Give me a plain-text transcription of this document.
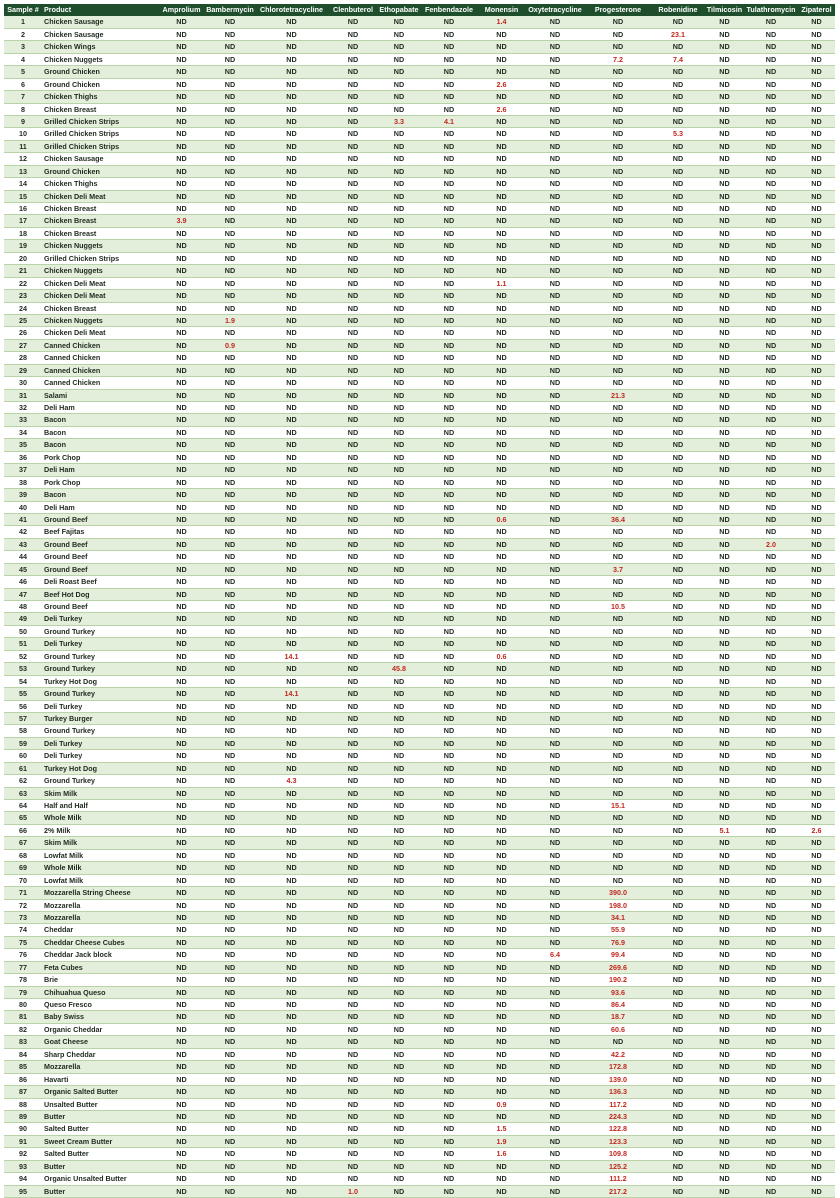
Sample #	Product	Amprolium	Bambermycin	Chlorotetracycline	Clenbuterol	Ethopabate	Fenbendazole	Monensin	Oxytetracycline	Progesterone	Robenidine	Tilmicosin	Tulathromycin	Zipaterol
1	Chicken Sausage	ND	ND	ND	ND	ND	ND	1.4	ND	ND	ND	ND	ND	ND
2	Chicken Sausage	ND	ND	ND	ND	ND	ND	ND	ND	ND	23.1	ND	ND	ND
3	Chicken Wings	ND	ND	ND	ND	ND	ND	ND	ND	ND	ND	ND	ND	ND
4	Chicken Nuggets	ND	ND	ND	ND	ND	ND	ND	ND	7.2	7.4	ND	ND	ND
5	Ground Chicken	ND	ND	ND	ND	ND	ND	ND	ND	ND	ND	ND	ND	ND
6	Ground Chicken	ND	ND	ND	ND	ND	ND	2.6	ND	ND	ND	ND	ND	ND
7	Chicken Thighs	ND	ND	ND	ND	ND	ND	ND	ND	ND	ND	ND	ND	ND
8	Chicken Breast	ND	ND	ND	ND	ND	ND	2.6	ND	ND	ND	ND	ND	ND
9	Grilled Chicken Strips	ND	ND	ND	ND	3.3	4.1	ND	ND	ND	ND	ND	ND	ND
10	Grilled Chicken Strips	ND	ND	ND	ND	ND	ND	ND	ND	ND	5.3	ND	ND	ND
11	Grilled Chicken Strips	ND	ND	ND	ND	ND	ND	ND	ND	ND	ND	ND	ND	ND
12	Chicken Sausage	ND	ND	ND	ND	ND	ND	ND	ND	ND	ND	ND	ND	ND
13	Ground Chicken	ND	ND	ND	ND	ND	ND	ND	ND	ND	ND	ND	ND	ND
14	Chicken Thighs	ND	ND	ND	ND	ND	ND	ND	ND	ND	ND	ND	ND	ND
15	Chicken Deli Meat	ND	ND	ND	ND	ND	ND	ND	ND	ND	ND	ND	ND	ND
16	Chicken Breast	ND	ND	ND	ND	ND	ND	ND	ND	ND	ND	ND	ND	ND
17	Chicken Breast	3.9	ND	ND	ND	ND	ND	ND	ND	ND	ND	ND	ND	ND
18	Chicken Breast	ND	ND	ND	ND	ND	ND	ND	ND	ND	ND	ND	ND	ND
19	Chicken Nuggets	ND	ND	ND	ND	ND	ND	ND	ND	ND	ND	ND	ND	ND
20	Grilled Chicken Strips	ND	ND	ND	ND	ND	ND	ND	ND	ND	ND	ND	ND	ND
21	Chicken Nuggets	ND	ND	ND	ND	ND	ND	ND	ND	ND	ND	ND	ND	ND
22	Chicken Deli Meat	ND	ND	ND	ND	ND	ND	1.1	ND	ND	ND	ND	ND	ND
23	Chicken Deli Meat	ND	ND	ND	ND	ND	ND	ND	ND	ND	ND	ND	ND	ND
24	Chicken Breast	ND	ND	ND	ND	ND	ND	ND	ND	ND	ND	ND	ND	ND
25	Chicken Nuggets	ND	1.9	ND	ND	ND	ND	ND	ND	ND	ND	ND	ND	ND
26	Chicken Deli Meat	ND	ND	ND	ND	ND	ND	ND	ND	ND	ND	ND	ND	ND
27	Canned Chicken	ND	0.9	ND	ND	ND	ND	ND	ND	ND	ND	ND	ND	ND
28	Canned Chicken	ND	ND	ND	ND	ND	ND	ND	ND	ND	ND	ND	ND	ND
29	Canned Chicken	ND	ND	ND	ND	ND	ND	ND	ND	ND	ND	ND	ND	ND
30	Canned Chicken	ND	ND	ND	ND	ND	ND	ND	ND	ND	ND	ND	ND	ND
31	Salami	ND	ND	ND	ND	ND	ND	ND	ND	21.3	ND	ND	ND	ND
32	Deli Ham	ND	ND	ND	ND	ND	ND	ND	ND	ND	ND	ND	ND	ND
33	Bacon	ND	ND	ND	ND	ND	ND	ND	ND	ND	ND	ND	ND	ND
34	Bacon	ND	ND	ND	ND	ND	ND	ND	ND	ND	ND	ND	ND	ND
35	Bacon	ND	ND	ND	ND	ND	ND	ND	ND	ND	ND	ND	ND	ND
36	Pork Chop	ND	ND	ND	ND	ND	ND	ND	ND	ND	ND	ND	ND	ND
37	Deli Ham	ND	ND	ND	ND	ND	ND	ND	ND	ND	ND	ND	ND	ND
38	Pork Chop	ND	ND	ND	ND	ND	ND	ND	ND	ND	ND	ND	ND	ND
39	Bacon	ND	ND	ND	ND	ND	ND	ND	ND	ND	ND	ND	ND	ND
40	Deli Ham	ND	ND	ND	ND	ND	ND	ND	ND	ND	ND	ND	ND	ND
41	Ground Beef	ND	ND	ND	ND	ND	ND	0.6	ND	36.4	ND	ND	ND	ND
42	Beef Fajitas	ND	ND	ND	ND	ND	ND	ND	ND	ND	ND	ND	ND	ND
43	Ground Beef	ND	ND	ND	ND	ND	ND	ND	ND	ND	ND	ND	2.0	ND
44	Ground Beef	ND	ND	ND	ND	ND	ND	ND	ND	ND	ND	ND	ND	ND
45	Ground Beef	ND	ND	ND	ND	ND	ND	ND	ND	3.7	ND	ND	ND	ND
46	Deli Roast Beef	ND	ND	ND	ND	ND	ND	ND	ND	ND	ND	ND	ND	ND
47	Beef Hot Dog	ND	ND	ND	ND	ND	ND	ND	ND	ND	ND	ND	ND	ND
48	Ground Beef	ND	ND	ND	ND	ND	ND	ND	ND	10.5	ND	ND	ND	ND
49	Deli Turkey	ND	ND	ND	ND	ND	ND	ND	ND	ND	ND	ND	ND	ND
50	Ground Turkey	ND	ND	ND	ND	ND	ND	ND	ND	ND	ND	ND	ND	ND
51	Deli Turkey	ND	ND	ND	ND	ND	ND	ND	ND	ND	ND	ND	ND	ND
52	Ground Turkey	ND	ND	14.1	ND	ND	ND	0.6	ND	ND	ND	ND	ND	ND
53	Ground Turkey	ND	ND	ND	ND	45.8	ND	ND	ND	ND	ND	ND	ND	ND
54	Turkey Hot Dog	ND	ND	ND	ND	ND	ND	ND	ND	ND	ND	ND	ND	ND
55	Ground Turkey	ND	ND	14.1	ND	ND	ND	ND	ND	ND	ND	ND	ND	ND
56	Deli Turkey	ND	ND	ND	ND	ND	ND	ND	ND	ND	ND	ND	ND	ND
57	Turkey Burger	ND	ND	ND	ND	ND	ND	ND	ND	ND	ND	ND	ND	ND
58	Ground Turkey	ND	ND	ND	ND	ND	ND	ND	ND	ND	ND	ND	ND	ND
59	Deli Turkey	ND	ND	ND	ND	ND	ND	ND	ND	ND	ND	ND	ND	ND
60	Deli Turkey	ND	ND	ND	ND	ND	ND	ND	ND	ND	ND	ND	ND	ND
61	Turkey Hot Dog	ND	ND	ND	ND	ND	ND	ND	ND	ND	ND	ND	ND	ND
62	Ground Turkey	ND	ND	4.3	ND	ND	ND	ND	ND	ND	ND	ND	ND	ND
63	Skim Milk	ND	ND	ND	ND	ND	ND	ND	ND	ND	ND	ND	ND	ND
64	Half and Half	ND	ND	ND	ND	ND	ND	ND	ND	15.1	ND	ND	ND	ND
65	Whole Milk	ND	ND	ND	ND	ND	ND	ND	ND	ND	ND	ND	ND	ND
66	2% Milk	ND	ND	ND	ND	ND	ND	ND	ND	ND	ND	5.1	ND	2.6
67	Skim Milk	ND	ND	ND	ND	ND	ND	ND	ND	ND	ND	ND	ND	ND
68	Lowfat Milk	ND	ND	ND	ND	ND	ND	ND	ND	ND	ND	ND	ND	ND
69	Whole Milk	ND	ND	ND	ND	ND	ND	ND	ND	ND	ND	ND	ND	ND
70	Lowfat Milk	ND	ND	ND	ND	ND	ND	ND	ND	ND	ND	ND	ND	ND
71	Mozzarella String Cheese	ND	ND	ND	ND	ND	ND	ND	ND	390.0	ND	ND	ND	ND
72	Mozzarella	ND	ND	ND	ND	ND	ND	ND	ND	198.0	ND	ND	ND	ND
73	Mozzarella	ND	ND	ND	ND	ND	ND	ND	ND	34.1	ND	ND	ND	ND
74	Cheddar	ND	ND	ND	ND	ND	ND	ND	ND	55.9	ND	ND	ND	ND
75	Cheddar Cheese Cubes	ND	ND	ND	ND	ND	ND	ND	ND	76.9	ND	ND	ND	ND
76	Cheddar Jack block	ND	ND	ND	ND	ND	ND	ND	6.4	99.4	ND	ND	ND	ND
77	Feta Cubes	ND	ND	ND	ND	ND	ND	ND	ND	269.6	ND	ND	ND	ND
78	Brie	ND	ND	ND	ND	ND	ND	ND	ND	190.2	ND	ND	ND	ND
79	Chihuahua Queso	ND	ND	ND	ND	ND	ND	ND	ND	93.6	ND	ND	ND	ND
80	Queso Fresco	ND	ND	ND	ND	ND	ND	ND	ND	86.4	ND	ND	ND	ND
81	Baby Swiss	ND	ND	ND	ND	ND	ND	ND	ND	18.7	ND	ND	ND	ND
82	Organic Cheddar	ND	ND	ND	ND	ND	ND	ND	ND	60.6	ND	ND	ND	ND
83	Goat Cheese	ND	ND	ND	ND	ND	ND	ND	ND	ND	ND	ND	ND	ND
84	Sharp Cheddar	ND	ND	ND	ND	ND	ND	ND	ND	42.2	ND	ND	ND	ND
85	Mozzarella	ND	ND	ND	ND	ND	ND	ND	ND	172.8	ND	ND	ND	ND
86	Havarti	ND	ND	ND	ND	ND	ND	ND	ND	139.0	ND	ND	ND	ND
87	Organic Salted Butter	ND	ND	ND	ND	ND	ND	ND	ND	136.3	ND	ND	ND	ND
88	Unsalted Butter	ND	ND	ND	ND	ND	ND	0.9	ND	117.2	ND	ND	ND	ND
89	Butter	ND	ND	ND	ND	ND	ND	ND	ND	224.3	ND	ND	ND	ND
90	Salted Butter	ND	ND	ND	ND	ND	ND	1.5	ND	122.8	ND	ND	ND	ND
91	Sweet Cream Butter	ND	ND	ND	ND	ND	ND	1.9	ND	123.3	ND	ND	ND	ND
92	Salted Butter	ND	ND	ND	ND	ND	ND	1.6	ND	109.8	ND	ND	ND	ND
93	Butter	ND	ND	ND	ND	ND	ND	ND	ND	125.2	ND	ND	ND	ND
94	Organic Unsalted Butter	ND	ND	ND	ND	ND	ND	ND	ND	111.2	ND	ND	ND	ND
95	Butter	ND	ND	ND	1.0	ND	ND	ND	ND	217.2	ND	ND	ND	ND
